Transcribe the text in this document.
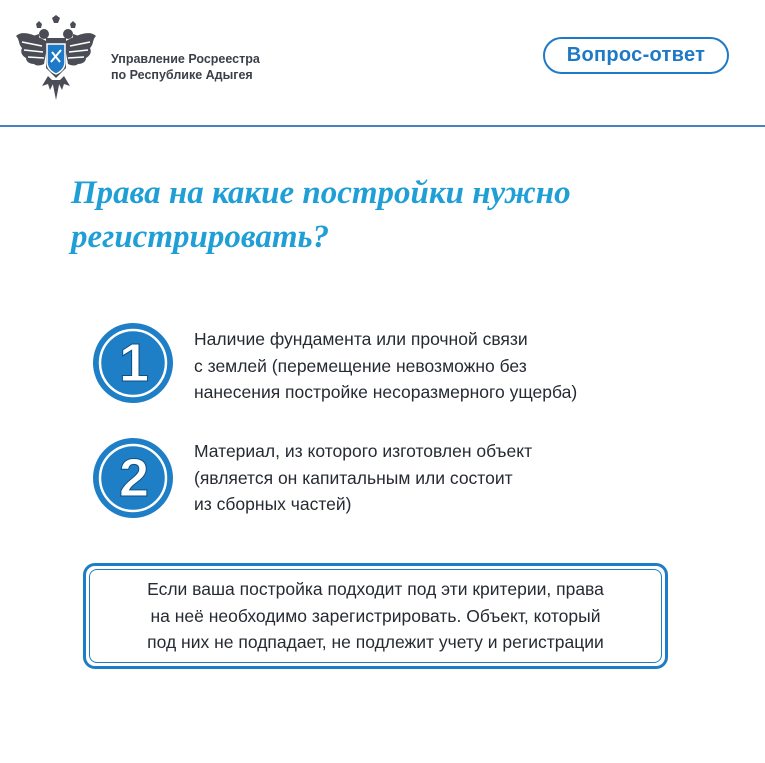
Управление Росреестра
по Республике Адыгея
Вопрос-ответ
Права на какие постройки нужно
регистрировать?
1	Наличие фундамента или прочной связи
с землей (перемещение невозможно без
нанесения постройке несоразмерного ущерба)
2	Материал, из которого изготовлен объект
(является он капитальным или состоит
из сборных частей)
Если ваша постройка подходит под эти критерии, права
на неё необходимо зарегистрировать. Объект, который
под них не подпадает, не подлежит учету и регистрации
